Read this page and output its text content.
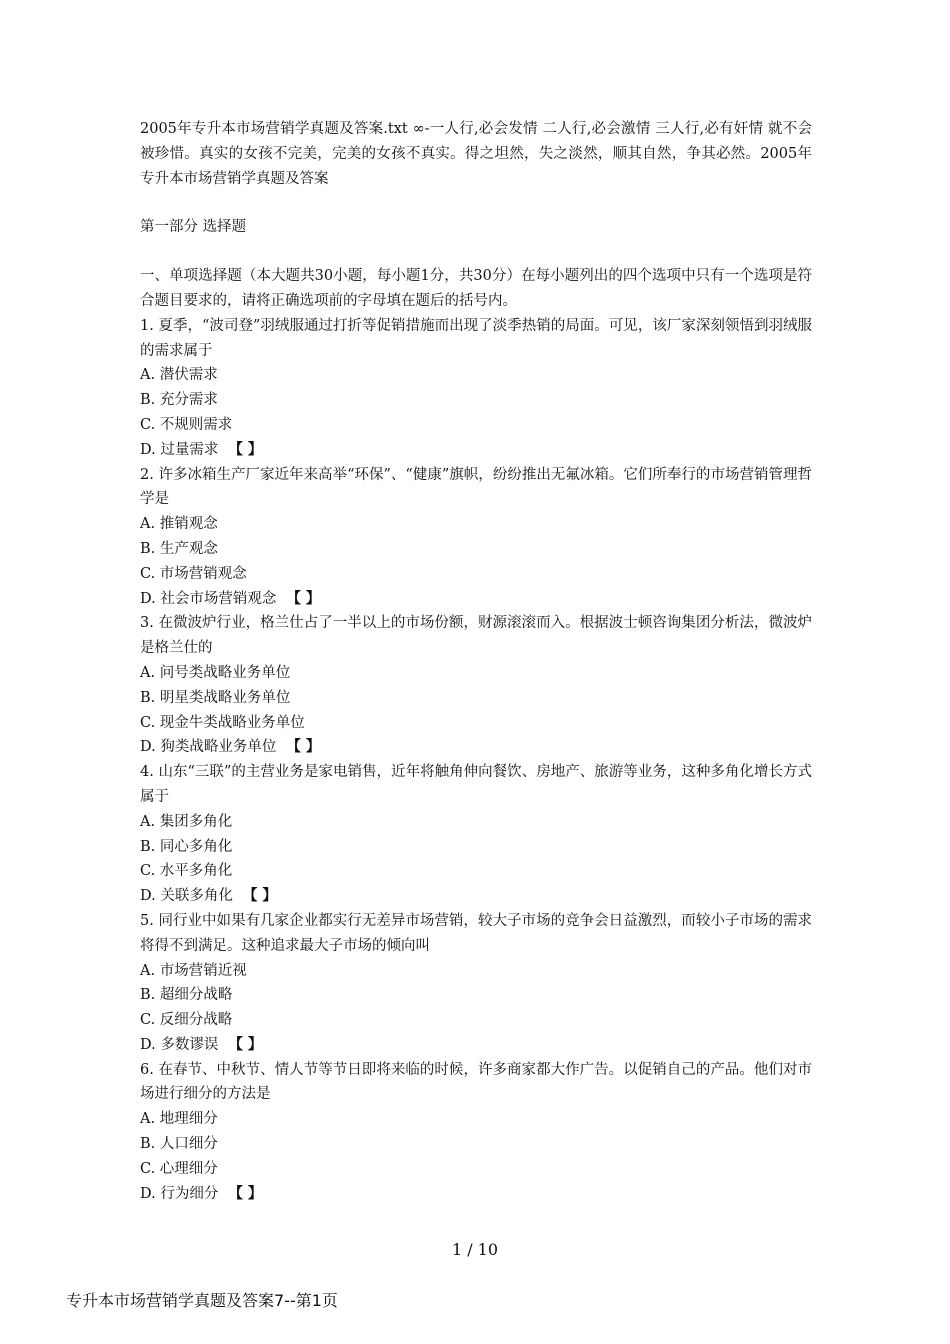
2005年专升本市场营销学真题及答案.txt ∞-一人行,必会发情 二人行,必会激情 三人行,必有奸情 就不会被珍惜。真实的女孩不完美，完美的女孩不真实。得之坦然，失之淡然，顺其自然，争其必然。2005年专升本市场营销学真题及答案

第一部分 选择题

一、单项选择题（本大题共30小题，每小题1分，共30分）在每小题列出的四个选项中只有一个选项是符合题目要求的，请将正确选项前的字母填在题后的括号内。

1. 夏季，“波司登”羽绒服通过打折等促销措施而出现了淡季热销的局面。可见，该厂家深刻领悟到羽绒服的需求属于

A. 潜伏需求

B. 充分需求

C. 不规则需求

D. 过量需求 【 】

2. 许多冰箱生产厂家近年来高举“环保”、“健康”旗帜，纷纷推出无氟冰箱。它们所奉行的市场营销管理哲学是

A. 推销观念

B. 生产观念

C. 市场营销观念

D. 社会市场营销观念 【 】

3. 在微波炉行业，格兰仕占了一半以上的市场份额，财源滚滚而入。根据波士顿咨询集团分析法，微波炉是格兰仕的

A. 问号类战略业务单位

B. 明星类战略业务单位

C. 现金牛类战略业务单位

D. 狗类战略业务单位 【 】

4. 山东“三联”的主营业务是家电销售，近年将触角伸向餐饮、房地产、旅游等业务，这种多角化增长方式属于

A. 集团多角化

B. 同心多角化

C. 水平多角化

D. 关联多角化 【 】

5. 同行业中如果有几家企业都实行无差异市场营销，较大子市场的竞争会日益激烈，而较小子市场的需求将得不到满足。这种追求最大子市场的倾向叫

A. 市场营销近视

B. 超细分战略

C. 反细分战略

D. 多数谬误 【 】

6. 在春节、中秋节、情人节等节日即将来临的时候，许多商家都大作广告。以促销自己的产品。他们对市场进行细分的方法是

A. 地理细分

B. 人口细分

C. 心理细分

D. 行为细分 【 】

1 / 10
专升本市场营销学真题及答案7--第1页
